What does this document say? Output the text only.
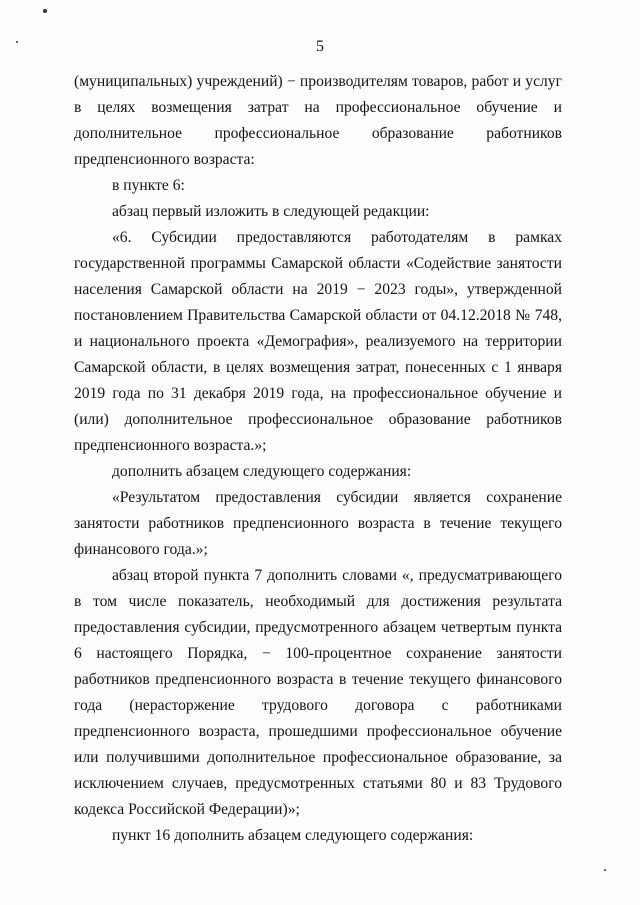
5

(муниципальных) учреждений) − производителям товаров, работ и услуг в целях возмещения затрат на профессиональное обучение и дополнительное профессиональное образование работников предпенсионного возраста:

в пункте 6:

абзац первый изложить в следующей редакции:

«6. Субсидии предоставляются работодателям в рамках государственной программы Самарской области «Содействие занятости населения Самарской области на 2019 − 2023 годы», утвержденной постановлением Правительства Самарской области от 04.12.2018 № 748, и национального проекта «Демография», реализуемого на территории Самарской области, в целях возмещения затрат, понесенных с 1 января 2019 года по 31 декабря 2019 года, на профессиональное обучение и (или) дополнительное профессиональное образование работников предпенсионного возраста.»;

дополнить абзацем следующего содержания:

«Результатом предоставления субсидии является сохранение занятости работников предпенсионного возраста в течение текущего финансового года.»;

абзац второй пункта 7 дополнить словами «, предусматривающего в том числе показатель, необходимый для достижения результата предоставления субсидии, предусмотренного абзацем четвертым пункта 6 настоящего Порядка, − 100-процентное сохранение занятости работников предпенсионного возраста в течение текущего финансового года (нерасторжение трудового договора с работниками предпенсионного возраста, прошедшими профессиональное обучение или получившими дополнительное профессиональное образование, за исключением случаев, предусмотренных статьями 80 и 83 Трудового кодекса Российской Федерации)»;

пункт 16 дополнить абзацем следующего содержания:
